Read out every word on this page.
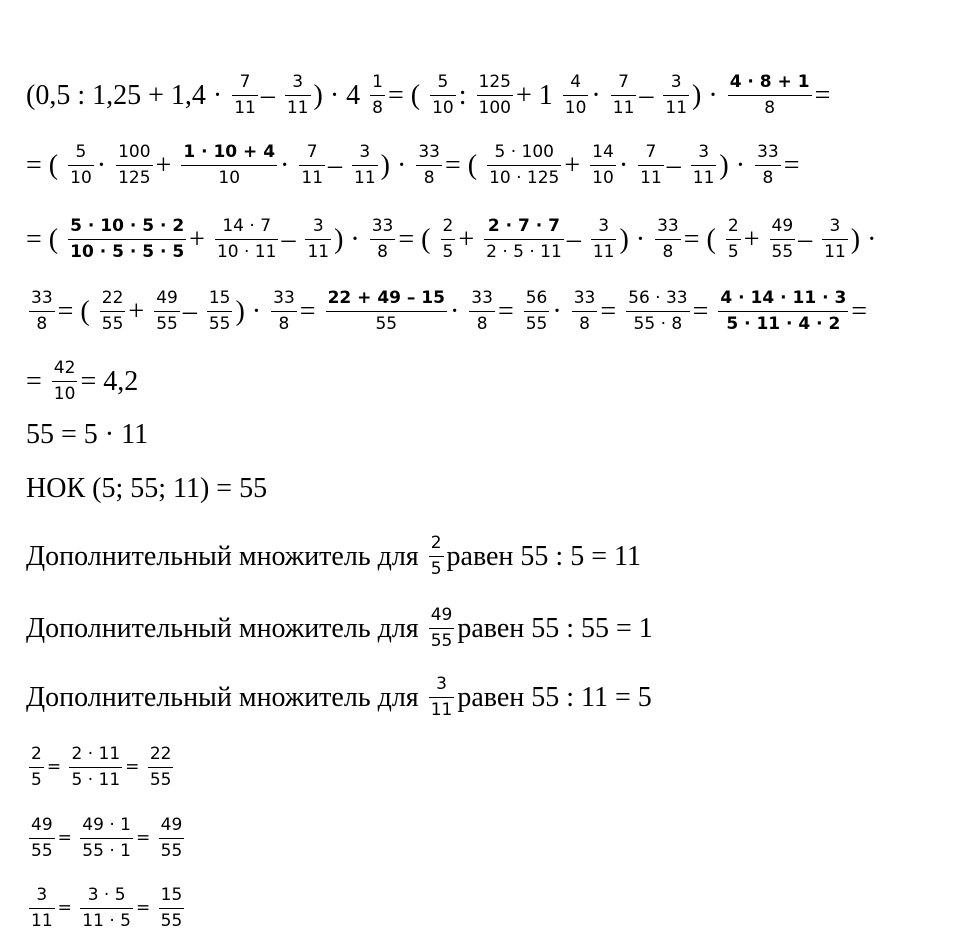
(0,5 : 1,25 + 1,4 · 7
11 – 3
11 ) · 4 1
8 = ( 5
10 : 125
100 + 1 4
10 · 7
11 – 3
11 ) · 4 · 8 + 1
8 =
= ( 5
10 · 100
125 + 1 · 10 + 4
10 · 7
11 – 3
11 ) · 33
8 = ( 5 · 100
10 · 125 + 14
10 · 7
11 – 3
11 ) · 33
8 =
= ( 5 · 10 · 5 · 2
10 · 5 · 5 · 5 + 14 · 7
10 · 11 – 3
11 ) · 33
8 = ( 2
5 + 2 · 7 · 7
2 · 5 · 11 – 3
11 ) · 33
8 = ( 2
5 + 49
55 – 3
11 ) ·
33
8 = ( 22
55 + 49
55 – 15
55 ) · 33
8 = 22 + 49 – 15
55 · 33
8 = 56
55 · 33
8 = 56 · 33
55 · 8 = 4 · 14 · 11 · 3
5 · 11 · 4 · 2 =
= 42
10 = 4,2
55 = 5 · 11
НОК (5; 55; 11) = 55
Дополнительный множитель для 2
5 равен 55 : 5 = 11
Дополнительный множитель для 49
55 равен 55 : 55 = 1
Дополнительный множитель для 3
11 равен 55 : 11 = 5
2
5
=
2 · 11
5 · 11
=
22
55
49
55
=
49 · 1
55 · 1
=
49
55
3
11
=
3 · 5
11 · 5
=
15
55
